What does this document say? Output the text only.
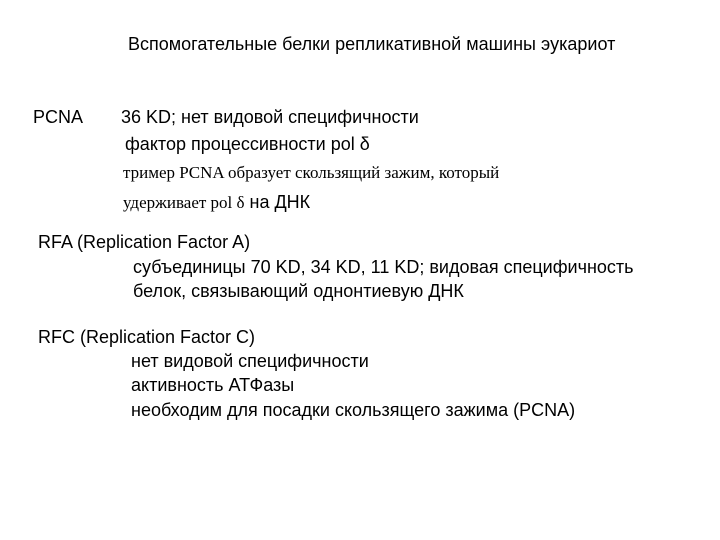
Вспомогательные белки репликативной машины эукариот
PCNA 36 KD; нет видовой специфичности
фактор процессивности pol δ
тример PCNA образует скользящий зажим, который
удерживает pol δ на ДНК
RFA (Replication Factor A)
субъединицы 70 KD, 34 KD, 11 KD; видовая специфичность
белок, связывающий однонтиевую ДНК
RFC (Replication Factor C)
нет видовой специфичности
активность АТФазы
необходим для посадки скользящего зажима (PCNA)
